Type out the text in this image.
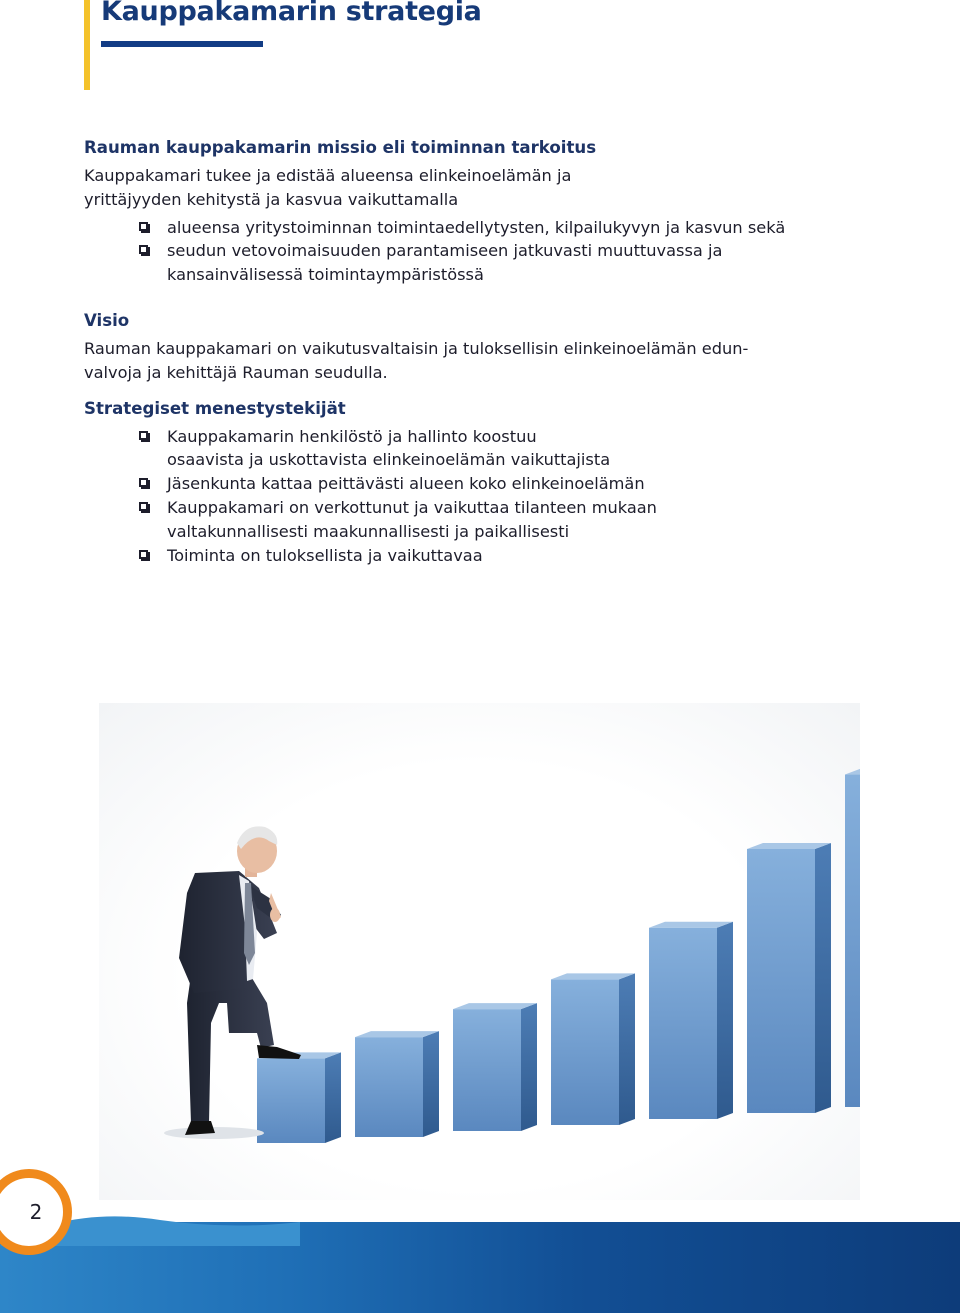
Kauppakamarin strategia
Rauman kauppakamarin missio eli toiminnan tarkoitus

Kauppakamari tukee ja edistää alueensa elinkeinoelämän ja

yrittäjyyden kehitystä ja kasvua vaikuttamalla

alueensa yritystoiminnan toimintaedellytysten, kilpailukyvyn ja kasvun sekä
seudun vetovoimaisuuden parantamiseen jatkuvasti muuttuvassa ja
kansainvälisessä toimintaympäristössä
Visio

Rauman kauppakamari on vaikutusvaltaisin ja tuloksellisin elinkeinoelämän edun-

valvoja ja kehittäjä Rauman seudulla.

Strategiset menestystekijät
Kauppakamarin henkilöstö ja hallinto koostuu
osaavista ja uskottavista elinkeinoelämän vaikuttajista
Jäsenkunta kattaa peittävästi alueen koko elinkeinoelämän
Kauppakamari on verkottunut ja vaikuttaa tilanteen mukaan
valtakunnallisesti maakunnallisesti ja paikallisesti
Toiminta on tuloksellista ja vaikuttavaa
2
